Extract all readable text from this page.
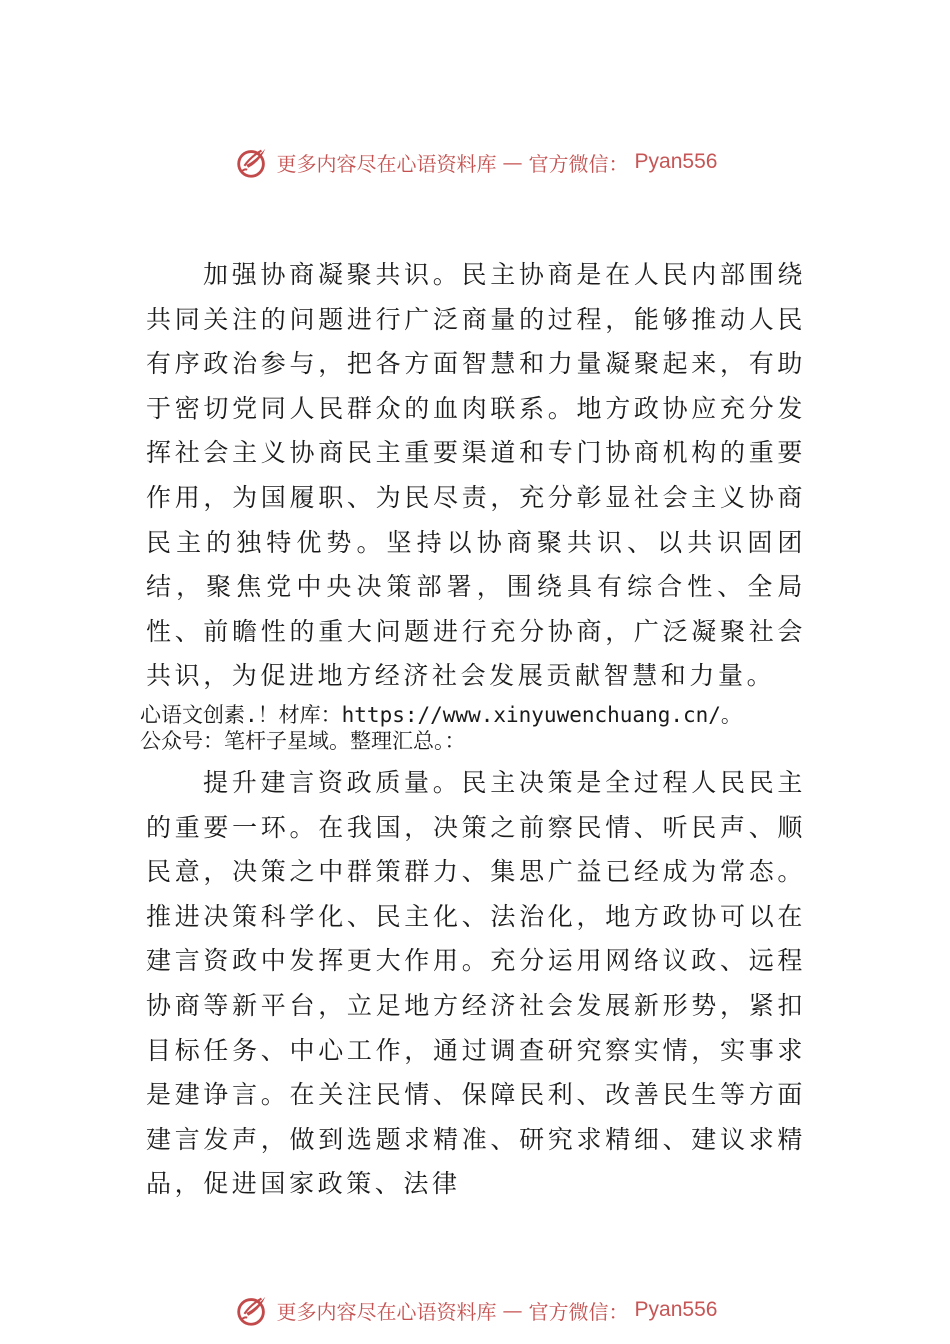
更多内容尽在心语资料库 — 官方微信： Pyan556

加强协商凝聚共识。民主协商是在人民内部围绕共同关注的问题进行广泛商量的过程，能够推动人民有序政治参与，把各方面智慧和力量凝聚起来，有助于密切党同人民群众的血肉联系。地方政协应充分发挥社会主义协商民主重要渠道和专门协商机构的重要作用，为国履职、为民尽责，充分彰显社会主义协商民主的独特优势。坚持以协商聚共识、以共识固团结，聚焦党中央决策部署，围绕具有综合性、全局性、前瞻性的重大问题进行充分协商，广泛凝聚社会共识，为促进地方经济社会发展贡献智慧和力量。

心语文创素.！材库：https://www.xinyuwenchuang.cn/。
公众号：笔杆子星域。整理汇总。：

提升建言资政质量。民主决策是全过程人民民主的重要一环。在我国，决策之前察民情、听民声、顺民意，决策之中群策群力、集思广益已经成为常态。推进决策科学化、民主化、法治化，地方政协可以在建言资政中发挥更大作用。充分运用网络议政、远程协商等新平台，立足地方经济社会发展新形势，紧扣目标任务、中心工作，通过调查研究察实情，实事求是建诤言。在关注民情、保障民利、改善民生等方面建言发声，做到选题求精准、研究求精细、建议求精品，促进国家政策、法律

更多内容尽在心语资料库 — 官方微信： Pyan556
